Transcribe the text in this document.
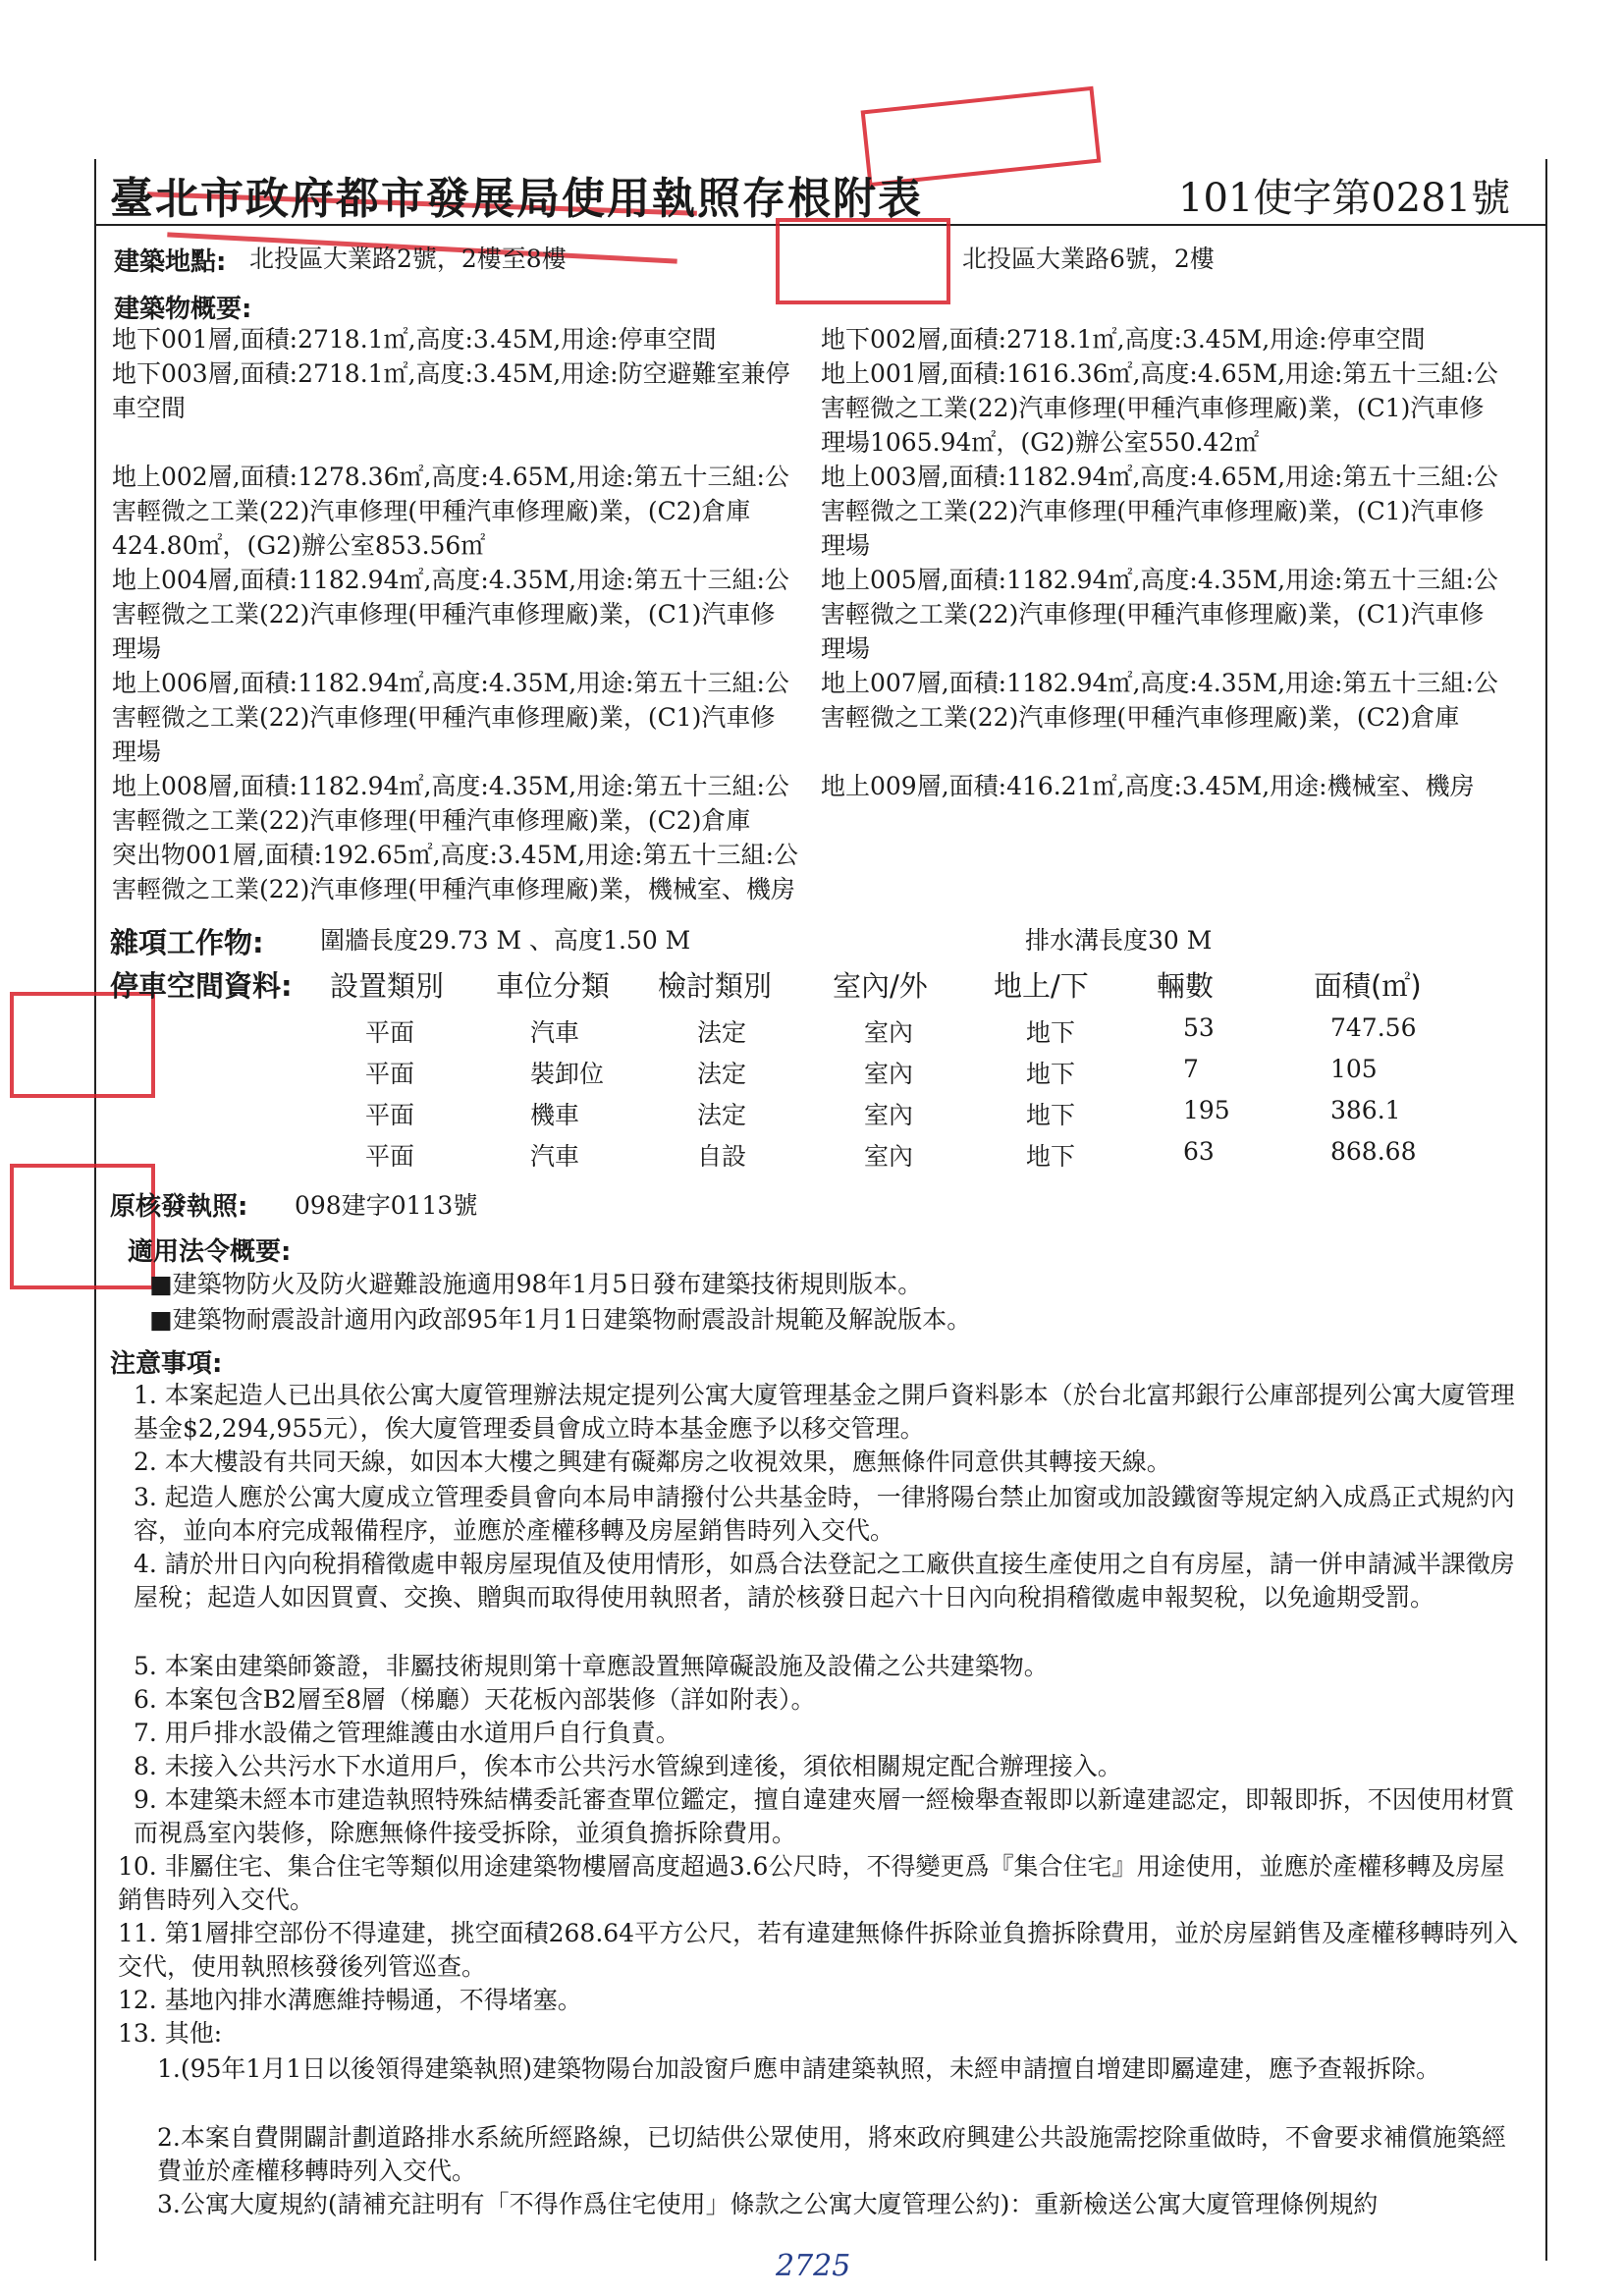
臺北市政府都市發展局使用執照存根附表	101使字第0281號
建築地點: 北投區大業路2號，2樓至8樓	北投區大業路6號，2樓
建築物概要:

地下001層,面積:2718.1㎡,高度:3.45M,用途:停車空間

地下003層,面積:2718.1㎡,高度:3.45M,用途:防空避難室兼停車空間

地上002層,面積:1278.36㎡,高度:4.65M,用途:第五十三組:公害輕微之工業(22)汽車修理(甲種汽車修理廠)業，(C2)倉庫424.80㎡，(G2)辦公室853.56㎡

地上004層,面積:1182.94㎡,高度:4.35M,用途:第五十三組:公害輕微之工業(22)汽車修理(甲種汽車修理廠)業，(C1)汽車修理場

地上006層,面積:1182.94㎡,高度:4.35M,用途:第五十三組:公害輕微之工業(22)汽車修理(甲種汽車修理廠)業，(C1)汽車修理場

地上008層,面積:1182.94㎡,高度:4.35M,用途:第五十三組:公害輕微之工業(22)汽車修理(甲種汽車修理廠)業，(C2)倉庫

突出物001層,面積:192.65㎡,高度:3.45M,用途:第五十三組:公害輕微之工業(22)汽車修理(甲種汽車修理廠)業，機械室、機房

地下002層,面積:2718.1㎡,高度:3.45M,用途:停車空間

地上001層,面積:1616.36㎡,高度:4.65M,用途:第五十三組:公害輕微之工業(22)汽車修理(甲種汽車修理廠)業，(C1)汽車修理場1065.94㎡，(G2)辦公室550.42㎡

地上003層,面積:1182.94㎡,高度:4.65M,用途:第五十三組:公害輕微之工業(22)汽車修理(甲種汽車修理廠)業，(C1)汽車修理場

地上005層,面積:1182.94㎡,高度:4.35M,用途:第五十三組:公害輕微之工業(22)汽車修理(甲種汽車修理廠)業，(C1)汽車修理場

地上007層,面積:1182.94㎡,高度:4.35M,用途:第五十三組:公害輕微之工業(22)汽車修理(甲種汽車修理廠)業，(C2)倉庫

地上009層,面積:416.21㎡,高度:3.45M,用途:機械室、機房

雜項工作物: 圍牆長度29.73 M 、高度1.50 M	排水溝長度30 M
停車空間資料: 設置類別 車位分類 檢討類別 室內/外 地上/下 輛數	面積(㎡)
平面	汽車	法定	室內	地下	53	747.56
平面	裝卸位	法定	室內	地下	7	105
平面	機車	法定	室內	地下	195	386.1
平面	汽車	自設	室內	地下	63	868.68
原核發執照: 098建字0113號
適用法令概要:
■建築物防火及防火避難設施適用98年1月5日發布建築技術規則版本。
■建築物耐震設計適用內政部95年1月1日建築物耐震設計規範及解說版本。
注意事項:
1. 本案起造人已出具依公寓大廈管理辦法規定提列公寓大廈管理基金之開戶資料影本（於台北富邦銀行公庫部提列公寓大廈管理基金$2,294,955元），俟大廈管理委員會成立時本基金應予以移交管理。
2. 本大樓設有共同天線，如因本大樓之興建有礙鄰房之收視效果，應無條件同意供其轉接天線。
3. 起造人應於公寓大廈成立管理委員會向本局申請撥付公共基金時，一律將陽台禁止加窗或加設鐵窗等規定納入成爲正式規約內容，並向本府完成報備程序，並應於產權移轉及房屋銷售時列入交代。
4. 請於卅日內向稅捐稽徵處申報房屋現值及使用情形，如爲合法登記之工廠供直接生產使用之自有房屋，請一併申請減半課徵房屋稅；起造人如因買賣、交換、贈與而取得使用執照者，請於核發日起六十日內向稅捐稽徵處申報契稅，以免逾期受罰。
5. 本案由建築師簽證，非屬技術規則第十章應設置無障礙設施及設備之公共建築物。
6. 本案包含B2層至8層（梯廳）天花板內部裝修（詳如附表）。
7. 用戶排水設備之管理維護由水道用戶自行負責。
8. 未接入公共污水下水道用戶，俟本市公共污水管線到達後，須依相關規定配合辦理接入。
9. 本建築未經本市建造執照特殊結構委託審查單位鑑定，擅自違建夾層一經檢舉查報即以新違建認定，即報即拆，不因使用材質而視爲室內裝修，除應無條件接受拆除，並須負擔拆除費用。
10. 非屬住宅、集合住宅等類似用途建築物樓層高度超過3.6公尺時，不得變更爲『集合住宅』用途使用，並應於產權移轉及房屋銷售時列入交代。
11. 第1層排空部份不得違建，挑空面積268.64平方公尺，若有違建無條件拆除並負擔拆除費用，並於房屋銷售及產權移轉時列入交代，使用執照核發後列管巡查。
12. 基地內排水溝應維持暢通，不得堵塞。
13. 其他:
1.(95年1月1日以後領得建築執照)建築物陽台加設窗戶應申請建築執照，未經申請擅自增建即屬違建，應予查報拆除。
2.本案自費開闢計劃道路排水系統所經路線，已切結供公眾使用，將來政府興建公共設施需挖除重做時，不會要求補償施築經費並於產權移轉時列入交代。
3.公寓大廈規約(請補充註明有「不得作爲住宅使用」條款之公寓大廈管理公約)：重新檢送公寓大廈管理條例規約
2725
